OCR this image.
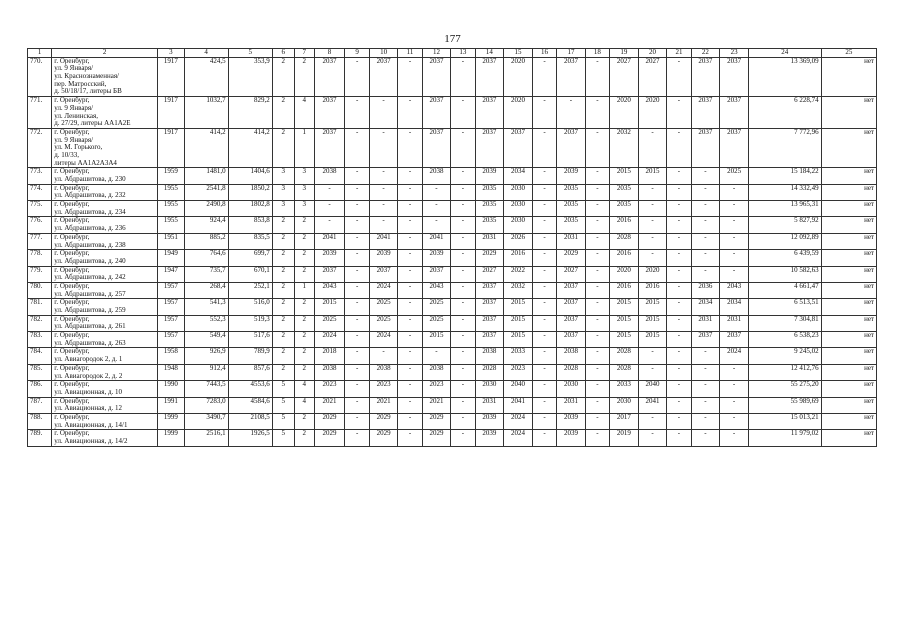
177
1	2	3	4	5	6	7	8	9	10	11	12	13	14	15	16	17	18	19	20	21	22	23	24	25
770.	г. Оренбург,
ул. 9 Января/
ул. Краснознаменная/
пер. Матросский,
д. 50/18/17, литеры БВ	1917	424,5	353,9	2	2	2037	-	2037	-	2037	-	2037	2020	-	2037	-	2027	2027	-	2037	2037	13 369,09	нет
771.	г. Оренбург,
ул. 9 Января/
ул. Ленинская,
д. 27/29, литеры АА1А2Е	1917	1032,7	829,2	2	4	2037	-	-	-	2037	-	2037	2020	-	-	-	2020	2020	-	2037	2037	6 228,74	нет
772.	г. Оренбург,
ул. 9 Января/
ул. М. Горького,
д. 10/33,
литеры АА1А2А3А4	1917	414,2	414,2	2	1	2037	-	-	-	2037	-	2037	2037	-	2037	-	2032	-	-	2037	2037	7 772,96	нет
773.	г. Оренбург,
ул. Абдрашитова, д. 230	1959	1481,0	1404,6	3	3	2038	-	-	-	2038	-	2039	2034	-	2039	-	2015	2015	-	-	2025	15 184,22	нет
774.	г. Оренбург,
ул. Абдрашитова, д. 232	1955	2541,8	1850,2	3	3	-	-	-	-	-	-	2035	2030	-	2035	-	2035	-	-	-	-	14 332,49	нет
775.	г. Оренбург,
ул. Абдрашитова, д. 234	1955	2490,8	1802,8	3	3	-	-	-	-	-	-	2035	2030	-	2035	-	2035	-	-	-	-	13 965,31	нет
776.	г. Оренбург,
ул. Абдрашитова, д. 236	1955	924,4	853,8	2	2	-	-	-	-	-	-	2035	2030	-	2035	-	2016	-	-	-	-	5 827,92	нет
777.	г. Оренбург,
ул. Абдрашитова, д. 238	1951	885,2	835,5	2	2	2041	-	2041	-	2041	-	2031	2026	-	2031	-	2028	-	-	-	-	12 092,89	нет
778.	г. Оренбург,
ул. Абдрашитова, д. 240	1949	764,6	699,7	2	2	2039	-	2039	-	2039	-	2029	2016	-	2029	-	2016	-	-	-	-	6 439,59	нет
779.	г. Оренбург,
ул. Абдрашитова, д. 242	1947	735,7	670,1	2	2	2037	-	2037	-	2037	-	2027	2022	-	2027	-	2020	2020	-	-	-	10 582,63	нет
780.	г. Оренбург,
ул. Абдрашитова, д. 257	1957	268,4	252,1	2	1	2043	-	2024	-	2043	-	2037	2032	-	2037	-	2016	2016	-	2036	2043	4 661,47	нет
781.	г. Оренбург,
ул. Абдрашитова, д. 259	1957	541,3	516,0	2	2	2015	-	2025	-	2025	-	2037	2015	-	2037	-	2015	2015	-	2034	2034	6 513,51	нет
782.	г. Оренбург,
ул. Абдрашитова, д. 261	1957	552,3	519,3	2	2	2025	-	2025	-	2025	-	2037	2015	-	2037	-	2015	2015	-	2031	2031	7 304,81	нет
783.	г. Оренбург,
ул. Абдрашитова, д. 263	1957	549,4	517,6	2	2	2024	-	2024	-	2015	-	2037	2015	-	2037	-	2015	2015	-	2037	2037	6 538,23	нет
784.	г. Оренбург,
ул. Авиагородок 2, д. 1	1958	926,9	789,9	2	2	2018	-	-	-	-	-	2038	2033	-	2038	-	2028	-	-	-	2024	9 245,02	нет
785.	г. Оренбург,
ул. Авиагородок 2, д. 2	1948	912,4	857,6	2	2	2038	-	2038	-	2038	-	2028	2023	-	2028	-	2028	-	-	-	-	12 412,76	нет
786.	г. Оренбург,
ул. Авиационная, д. 10	1990	7443,5	4553,6	5	4	2023	-	2023	-	2023	-	2030	2040	-	2030	-	2033	2040	-	-	-	55 275,20	нет
787.	г. Оренбург,
ул. Авиационная, д. 12	1991	7283,0	4584,6	5	4	2021	-	2021	-	2021	-	2031	2041	-	2031	-	2030	2041	-	-	-	55 989,69	нет
788.	г. Оренбург,
ул. Авиационная, д. 14/1	1999	3490,7	2108,5	5	2	2029	-	2029	-	2029	-	2039	2024	-	2039	-	2017	-	-	-	-	15 013,21	нет
789.	г. Оренбург,
ул. Авиационная, д. 14/2	1999	2516,1	1926,5	5	2	2029	-	2029	-	2029	-	2039	2024	-	2039	-	2019	-	-	-	-	11 979,02	нет
